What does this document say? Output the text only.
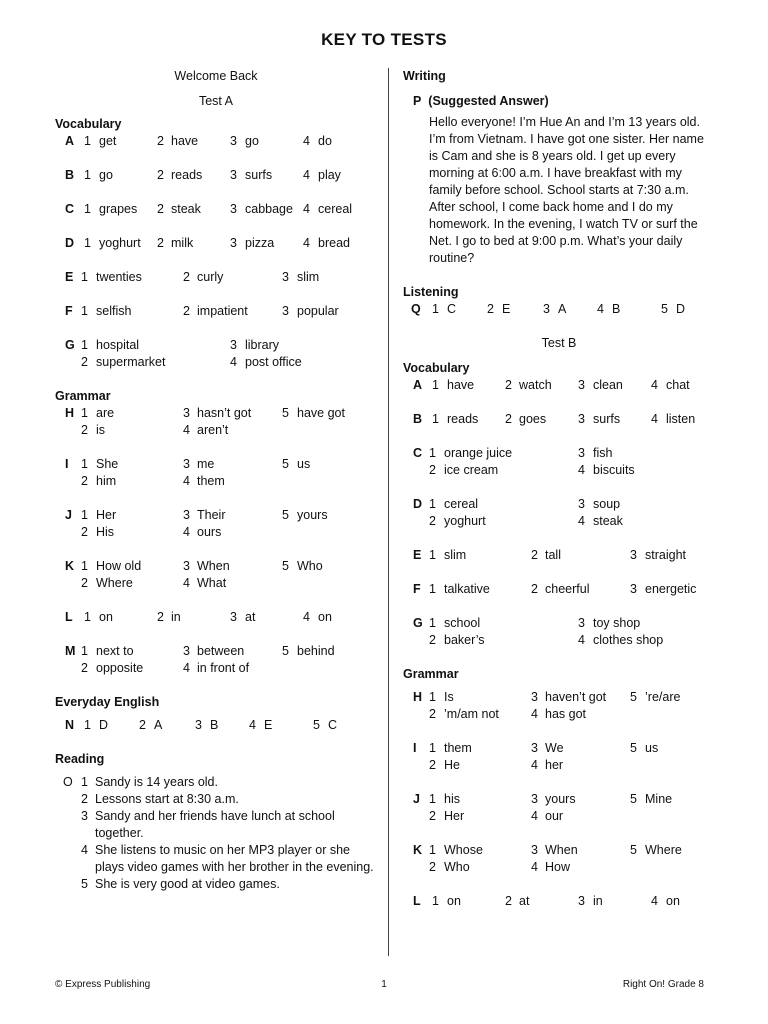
KEY TO TESTS

Welcome Back

Test A

Vocabulary

A 1 get	2 have	3 go	4 do
B 1 go	2 reads 3 surfs 4 play
C 1 grapes 2 steak 3 cabbage 4 cereal
D 1 yoghurt 2 milk	3 pizza 4 bread
E 1 twenties	2 curly	3 slim
F 1 selfish	2 impatient	3 popular
G 1 hospital	3 library
2 supermarket	4 post office

Grammar

H 1 are	3 hasn’t got 5 have got
2 is	4 aren’t
I 1 She	3 me	5 us
2 him	4 them
J 1 Her	3 Their	5 yours
2 His	4 ours
K 1 How old	3 When	5 Who
2 Where	4 What
L 1 on	2 in	3 at	4 on
M 1 next to	3 between	5 behind
2 opposite	4 in front of

Everyday English

N 1 D 2 A	3 B 4 E	5 C

Reading

O 1 Sandy is 14 years old.
2 Lessons start at 8:30 a.m.
3 Sandy and her friends have lunch at school together.
4 She listens to music on her MP3 player or she plays video games with her brother in the evening.
5 She is very good at video games.

Writing

P (Suggested Answer)

Hello everyone! I’m Hue An and I’m 13 years old. I’m from Vietnam. I have got one sister. Her name is Cam and she is 8 years old. I get up every morning at 6:00 a.m. I have breakfast with my family before school. School starts at 7:30 a.m. After school, I come back home and I do my homework. In the evening, I watch TV or surf the Net. I go to bed at 9:00 p.m. What’s your daily routine?

Listening

Q 1 C 2 E	3 A 4 B	5 D

Test B

Vocabulary

A 1 have 2 watch 3 clean 4 chat
B 1 reads 2 goes	3 surfs 4 listen
C 1 orange juice	3 fish
2 ice cream	4 biscuits
D 1 cereal	3 soup
2 yoghurt	4 steak
E 1 slim	2 tall	3 straight
F 1 talkative	2 cheerful	3 energetic
G 1 school	3 toy shop
2 baker’s	4 clothes shop

Grammar

H 1 Is	3 haven’t got 5 ’re/are
2 ’m/am not	4 has got
I 1 them	3 We	5 us
2 He	4 her
J 1 his	3 yours	5 Mine
2 Her	4 our
K 1 Whose	3 When	5 Where
2 Who	4 How
L 1 on	2 at	3 in	4 on
© Express Publishing	1	Right On! Grade 8
